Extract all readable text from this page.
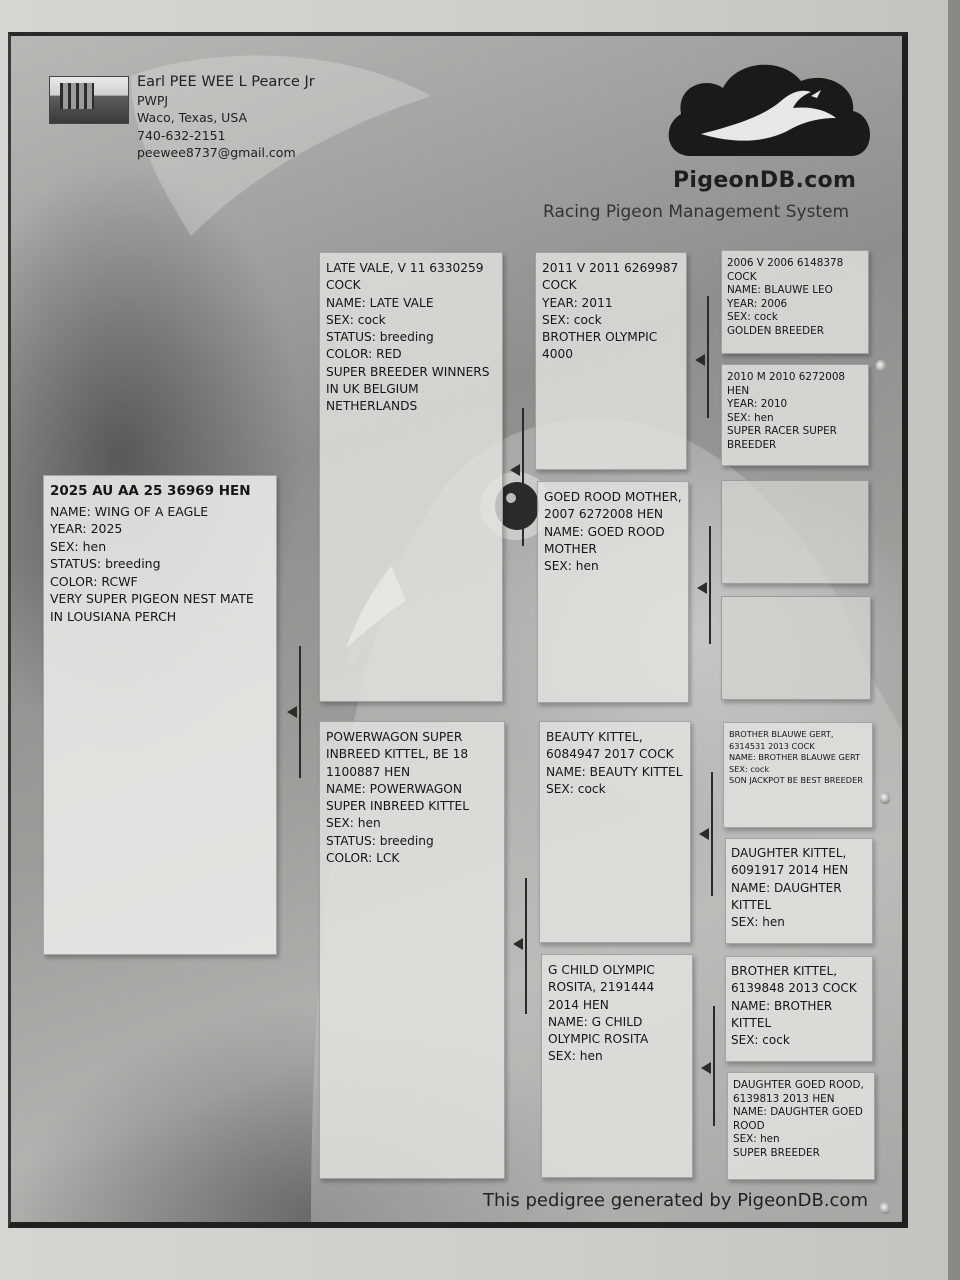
Earl PEE WEE L Pearce Jr
PWPJ
Waco, Texas, USA
740-632-2151
peewee8737@gmail.com
PigeonDB.com
Racing Pigeon Management System
2025 AU AA 25 36969 HEN
NAME: WING OF A EAGLE
YEAR: 2025
SEX: hen
STATUS: breeding
COLOR: RCWF
VERY SUPER PIGEON NEST MATE IN LOUSIANA PERCH
LATE VALE, V 11 6330259 COCK
NAME: LATE VALE
SEX: cock
STATUS: breeding
COLOR: RED
SUPER BREEDER WINNERS IN UK BELGIUM NETHERLANDS
POWERWAGON SUPER INBREED KITTEL, BE 18 1100887 HEN
NAME: POWERWAGON SUPER INBREED KITTEL
SEX: hen
STATUS: breeding
COLOR: LCK
2011 V 2011 6269987 COCK
YEAR: 2011
SEX: cock
BROTHER OLYMPIC 4000
GOED ROOD MOTHER, 2007 6272008 HEN
NAME: GOED ROOD MOTHER
SEX: hen
BEAUTY KITTEL, 6084947 2017 COCK
NAME: BEAUTY KITTEL
SEX: cock
G CHILD OLYMPIC ROSITA, 2191444 2014 HEN
NAME: G CHILD OLYMPIC ROSITA
SEX: hen
2006 V 2006 6148378 COCK
NAME: BLAUWE LEO
YEAR: 2006
SEX: cock
GOLDEN BREEDER
2010 M 2010 6272008 HEN
YEAR: 2010
SEX: hen
SUPER RACER SUPER BREEDER
BROTHER BLAUWE GERT, 6314531 2013 COCK
NAME: BROTHER BLAUWE GERT
SEX: cock
SON JACKPOT BE BEST BREEDER
DAUGHTER KITTEL, 6091917 2014 HEN
NAME: DAUGHTER KITTEL
SEX: hen
BROTHER KITTEL, 6139848 2013 COCK
NAME: BROTHER KITTEL
SEX: cock
DAUGHTER GOED ROOD, 6139813 2013 HEN
NAME: DAUGHTER GOED ROOD
SEX: hen
SUPER BREEDER
This pedigree generated by PigeonDB.com
